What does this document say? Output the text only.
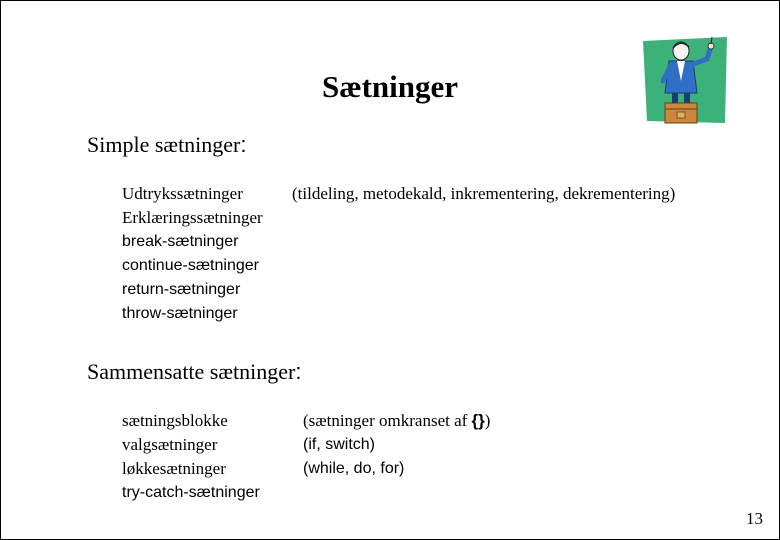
Sætninger
Simple sætninger:
Udtrykssætninger	(tildeling, metodekald, inkrementering, dekrementering)
Erklæringssætninger
break-sætninger
continue-sætninger
return-sætninger
throw-sætninger
Sammensatte sætninger:
sætningsblokke	(sætninger omkranset af {})
valgsætninger	(if, switch)
løkkesætninger	(while, do, for)
try-catch-sætninger
13
